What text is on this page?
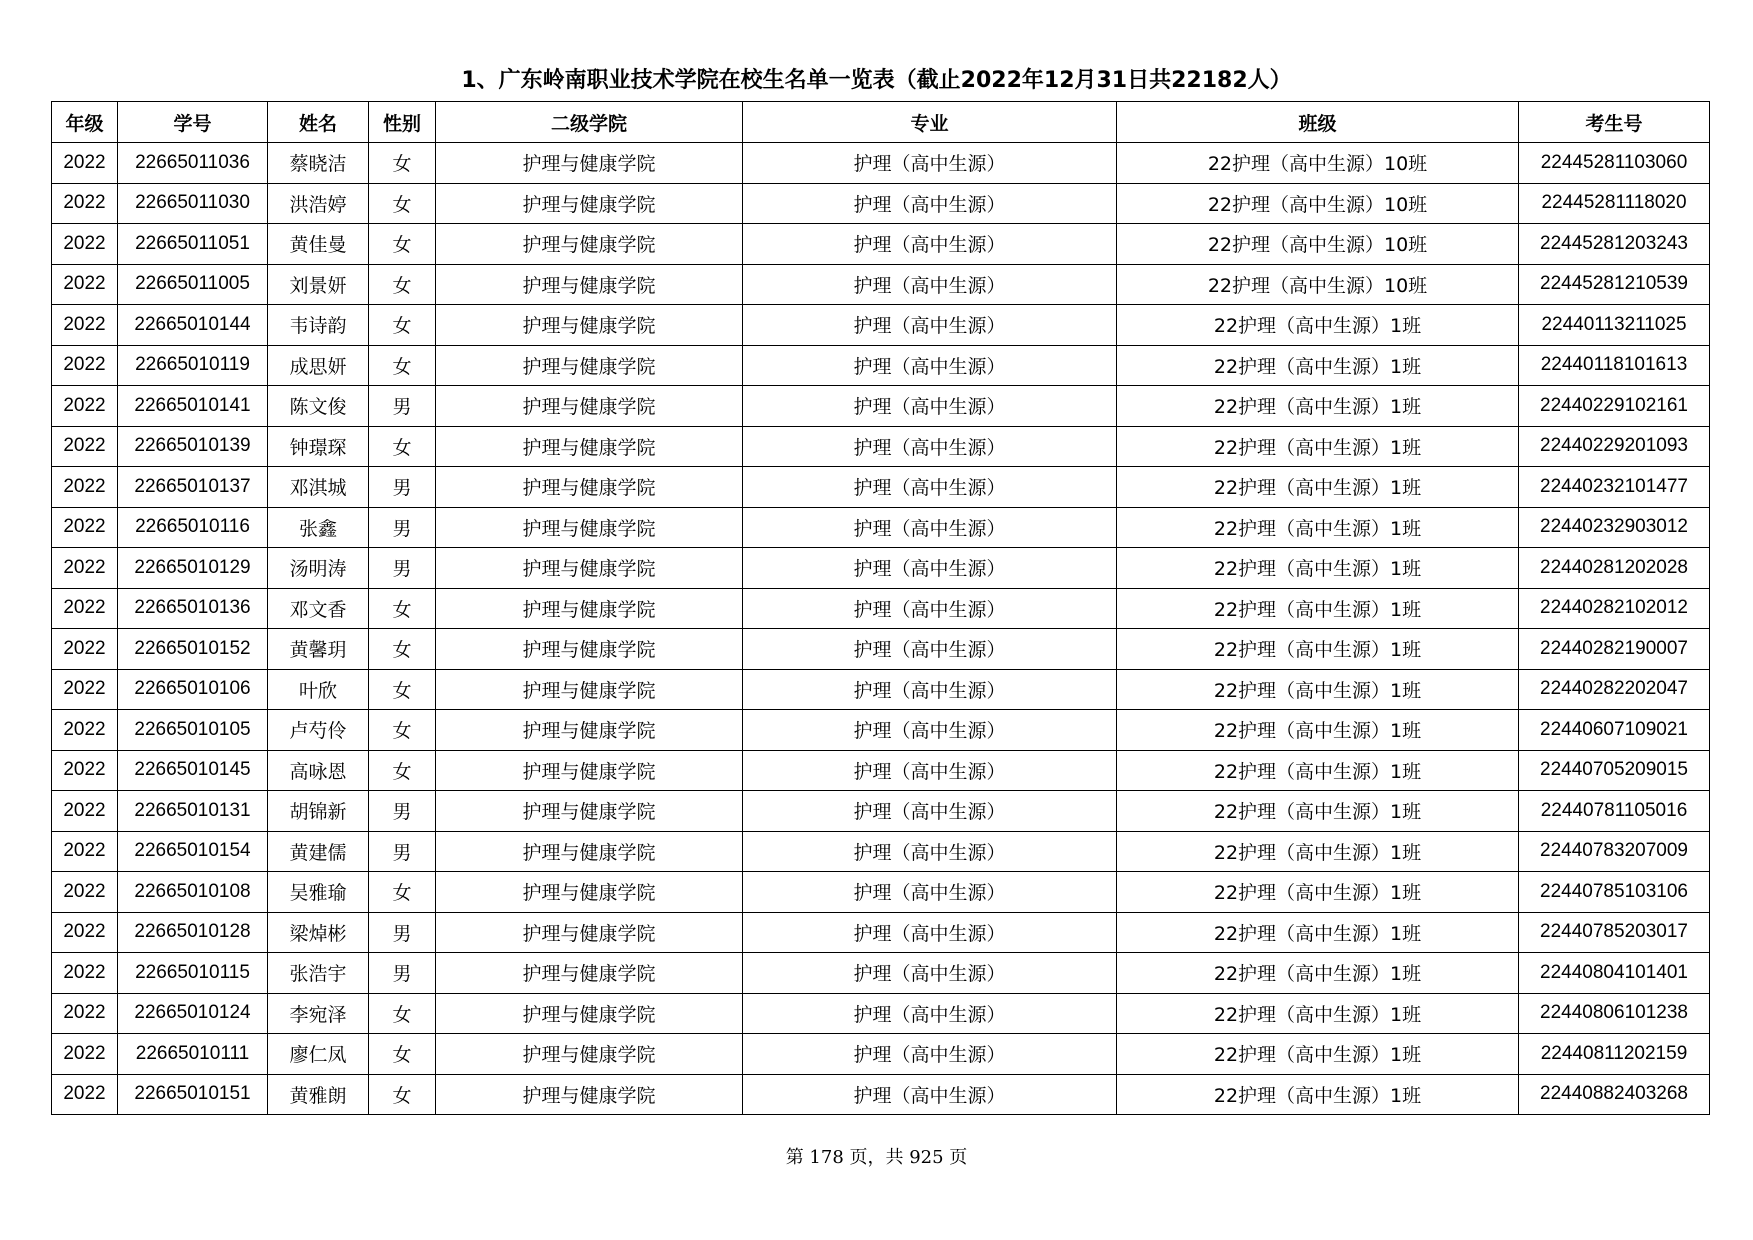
1、广东岭南职业技术学院在校生名单一览表（截止2022年12月31日共22182人）
年级	学号	姓名	性别	二级学院	专业	班级	考生号
2022	22665011036	蔡晓洁	女	护理与健康学院	护理（高中生源）	22护理（高中生源）10班	22445281103060
2022	22665011030	洪浩婷	女	护理与健康学院	护理（高中生源）	22护理（高中生源）10班	22445281118020
2022	22665011051	黄佳曼	女	护理与健康学院	护理（高中生源）	22护理（高中生源）10班	22445281203243
2022	22665011005	刘景妍	女	护理与健康学院	护理（高中生源）	22护理（高中生源）10班	22445281210539
2022	22665010144	韦诗韵	女	护理与健康学院	护理（高中生源）	22护理（高中生源）1班	22440113211025
2022	22665010119	成思妍	女	护理与健康学院	护理（高中生源）	22护理（高中生源）1班	22440118101613
2022	22665010141	陈文俊	男	护理与健康学院	护理（高中生源）	22护理（高中生源）1班	22440229102161
2022	22665010139	钟璟琛	女	护理与健康学院	护理（高中生源）	22护理（高中生源）1班	22440229201093
2022	22665010137	邓淇城	男	护理与健康学院	护理（高中生源）	22护理（高中生源）1班	22440232101477
2022	22665010116	张鑫	男	护理与健康学院	护理（高中生源）	22护理（高中生源）1班	22440232903012
2022	22665010129	汤明涛	男	护理与健康学院	护理（高中生源）	22护理（高中生源）1班	22440281202028
2022	22665010136	邓文香	女	护理与健康学院	护理（高中生源）	22护理（高中生源）1班	22440282102012
2022	22665010152	黄馨玥	女	护理与健康学院	护理（高中生源）	22护理（高中生源）1班	22440282190007
2022	22665010106	叶欣	女	护理与健康学院	护理（高中生源）	22护理（高中生源）1班	22440282202047
2022	22665010105	卢芍伶	女	护理与健康学院	护理（高中生源）	22护理（高中生源）1班	22440607109021
2022	22665010145	高咏恩	女	护理与健康学院	护理（高中生源）	22护理（高中生源）1班	22440705209015
2022	22665010131	胡锦新	男	护理与健康学院	护理（高中生源）	22护理（高中生源）1班	22440781105016
2022	22665010154	黄建儒	男	护理与健康学院	护理（高中生源）	22护理（高中生源）1班	22440783207009
2022	22665010108	吴雅瑜	女	护理与健康学院	护理（高中生源）	22护理（高中生源）1班	22440785103106
2022	22665010128	梁焯彬	男	护理与健康学院	护理（高中生源）	22护理（高中生源）1班	22440785203017
2022	22665010115	张浩宇	男	护理与健康学院	护理（高中生源）	22护理（高中生源）1班	22440804101401
2022	22665010124	李宛泽	女	护理与健康学院	护理（高中生源）	22护理（高中生源）1班	22440806101238
2022	22665010111	廖仁凤	女	护理与健康学院	护理（高中生源）	22护理（高中生源）1班	22440811202159
2022	22665010151	黄雅朗	女	护理与健康学院	护理（高中生源）	22护理（高中生源）1班	22440882403268
第 178 页，共 925 页
